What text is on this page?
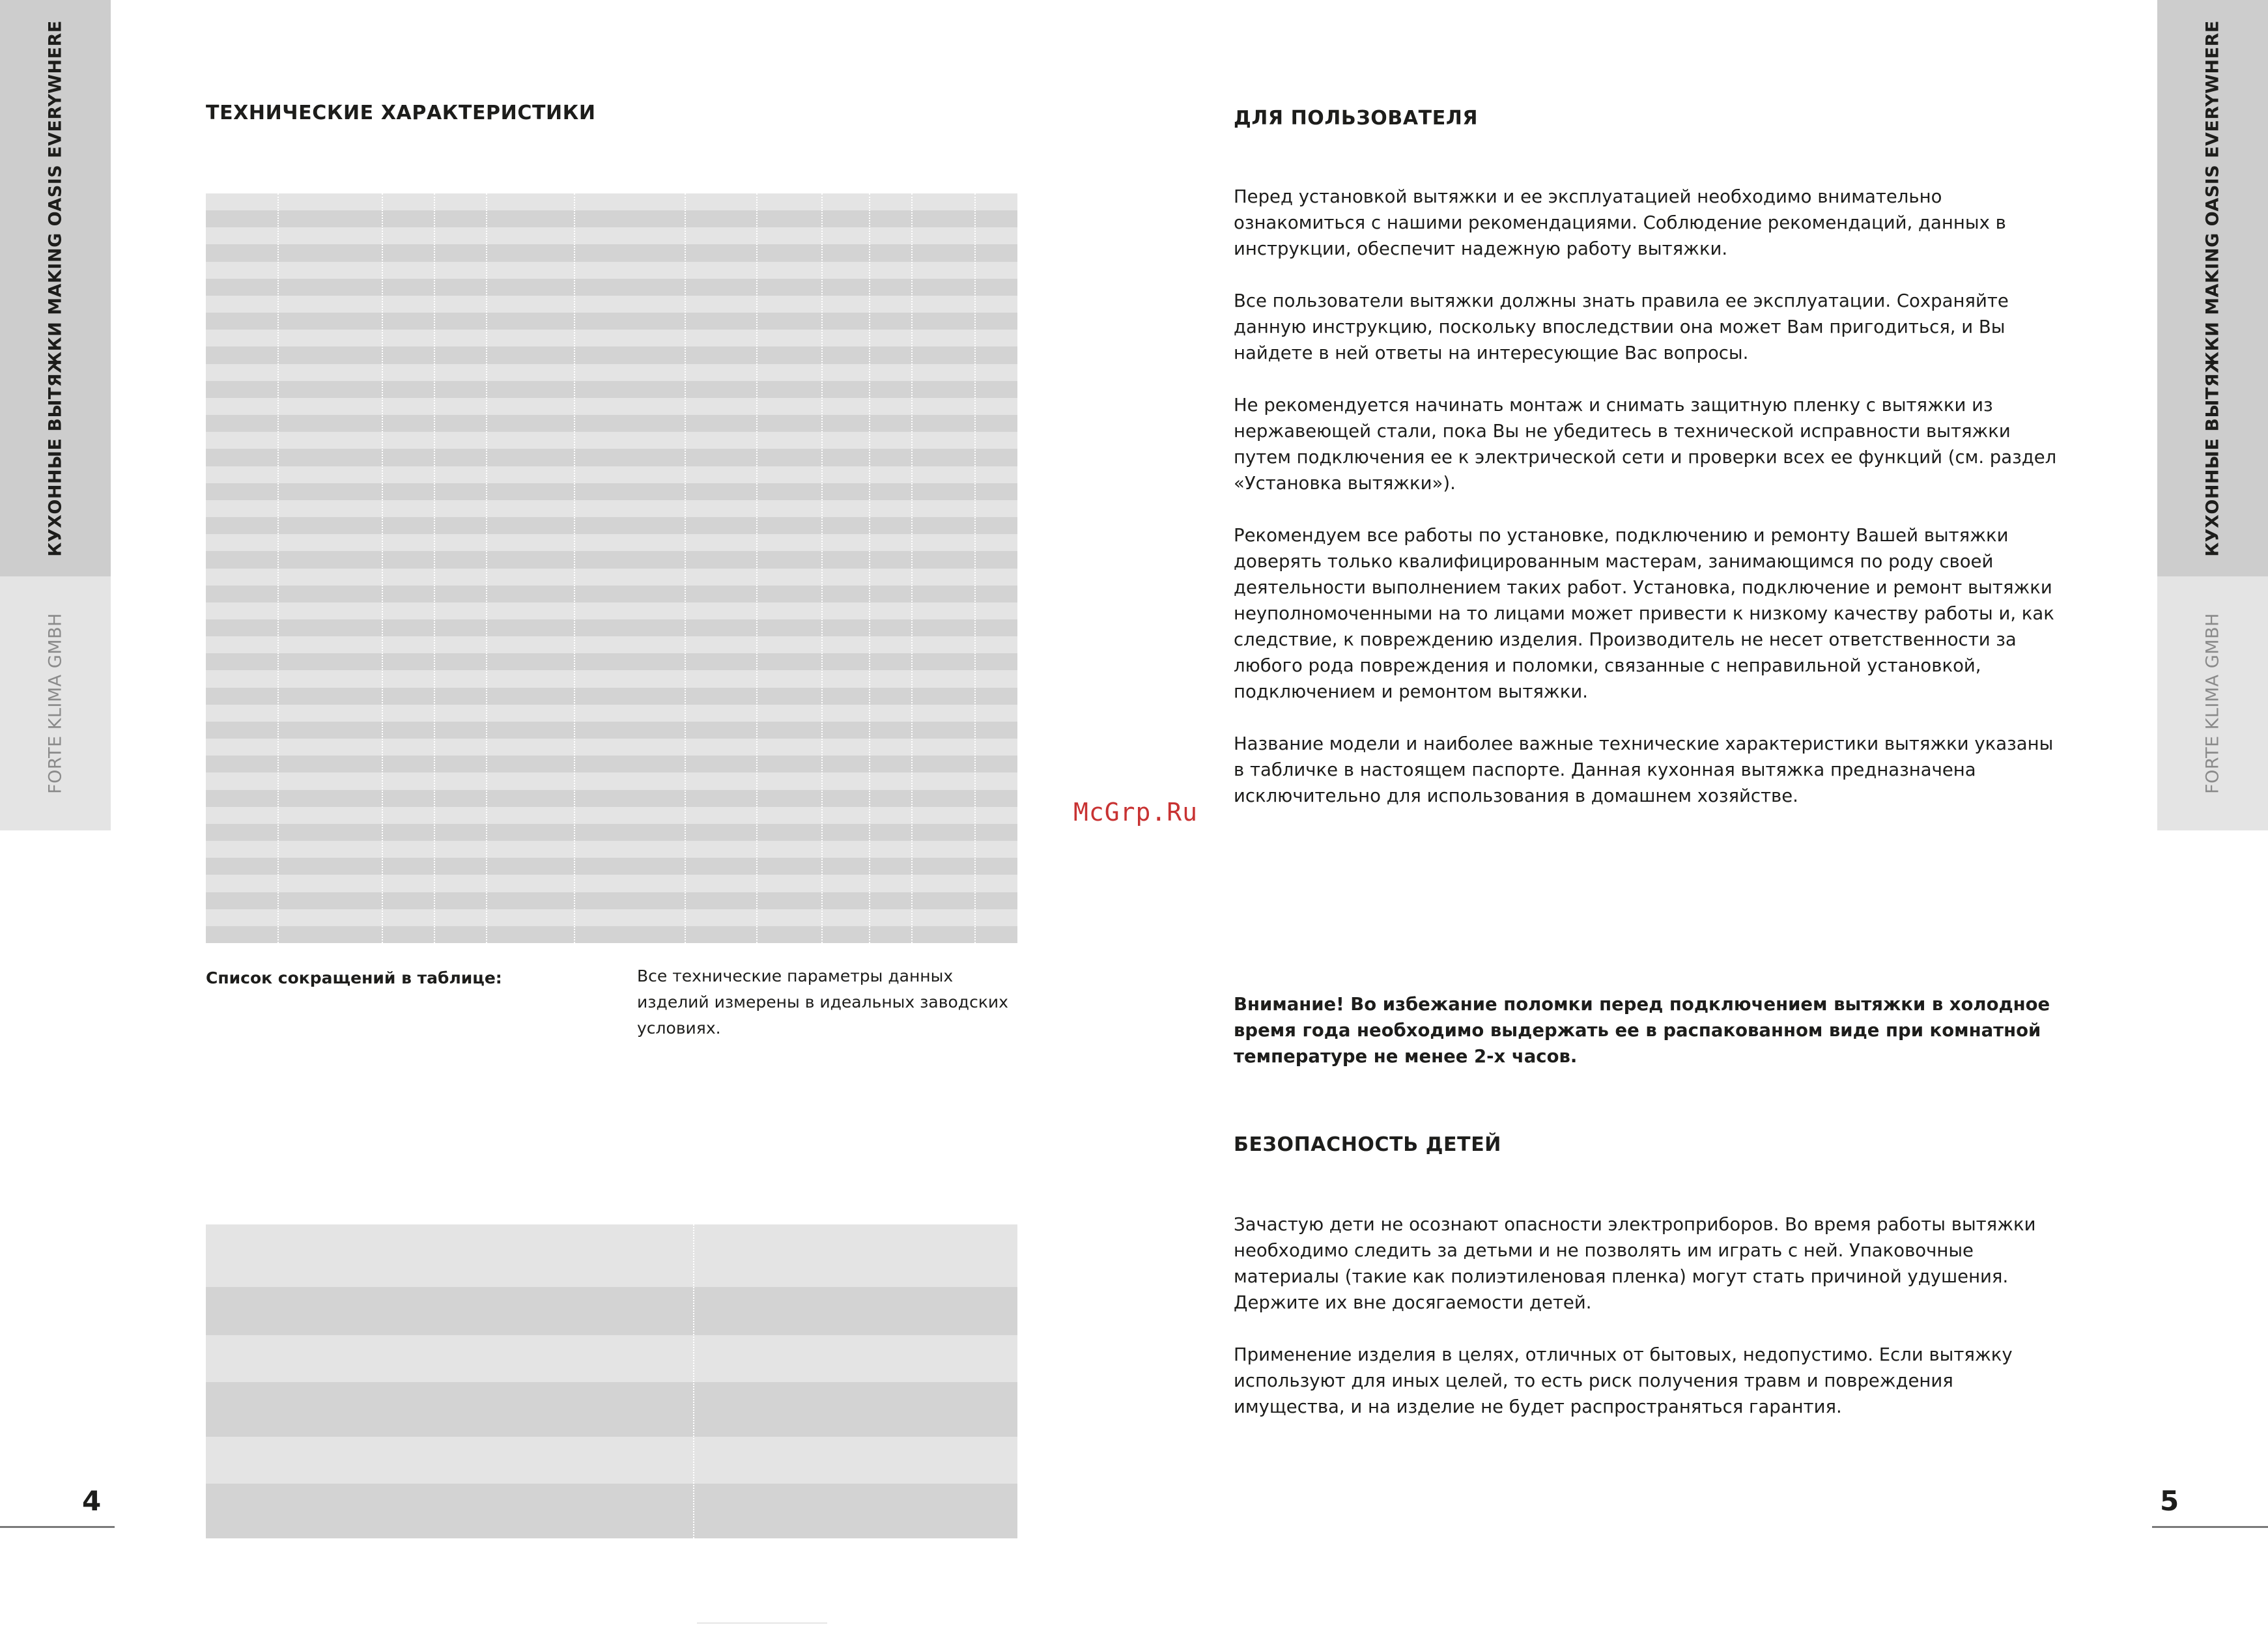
КУХОННЫЕ ВЫТЯЖКИ MAKING OASIS EVERYWHERE
FORTE KLIMA GMBH
КУХОННЫЕ ВЫТЯЖКИ MAKING OASIS EVERYWHERE
FORTE KLIMA GMBH
4	5
ТЕХНИЧЕСКИЕ ХАРАКТЕРИСТИКИ
Список сокращений в таблице:	Все технические параметры данных изделий измерены в идеальных заводских условиях.
McGrp.Ru
ДЛЯ ПОЛЬЗОВАТЕЛЯ

Перед установкой вытяжки и ее эксплуатацией необходимо внимательно ознакомиться с нашими рекомендациями. Соблюдение рекомендаций, данных в инструкции, обеспечит надежную работу вытяжки.

Все пользователи вытяжки должны знать правила ее эксплуатации. Сохраняйте данную инструкцию, поскольку впоследствии она может Вам пригодиться, и Вы найдете в ней ответы на интересующие Вас вопросы.

Не рекомендуется начинать монтаж и снимать защитную пленку с вытяжки из нержавеющей стали, пока Вы не убедитесь в технической исправности вытяжки путем подключения ее к электрической сети и проверки всех ее функций (см. раздел «Установка вытяжки»).

Рекомендуем все работы по установке, подключению и ремонту Вашей вытяжки доверять только квалифицированным мастерам, занимающимся по роду своей деятельности выполнением таких работ. Установка, подключение и ремонт вытяжки неуполномоченными на то лицами может привести к низкому качеству работы и, как следствие, к повреждению изделия. Производитель не несет ответственности за любого рода повреждения и поломки, связанные с неправильной установкой, подключением и ремонтом вытяжки.

Название модели и наиболее важные технические характеристики вытяжки указаны в табличке в настоящем паспорте. Данная кухонная вытяжка предназначена исключительно для использования в домашнем хозяйстве.

Внимание! Во избежание поломки перед подключением вытяжки в холодное время года необходимо выдержать ее в распакованном виде при комнатной температуре не менее 2-х часов.

БЕЗОПАСНОСТЬ ДЕТЕЙ

Зачастую дети не осознают опасности электроприборов. Во время работы вытяжки необходимо следить за детьми и не позволять им играть с ней. Упаковочные материалы (такие как полиэтиленовая пленка) могут стать причиной удушения. Держите их вне досягаемости детей.

Применение изделия в целях, отличных от бытовых, недопустимо. Если вытяжку используют для иных целей, то есть риск получения травм и повреждения имущества, и на изделие не будет распространяться гарантия.
